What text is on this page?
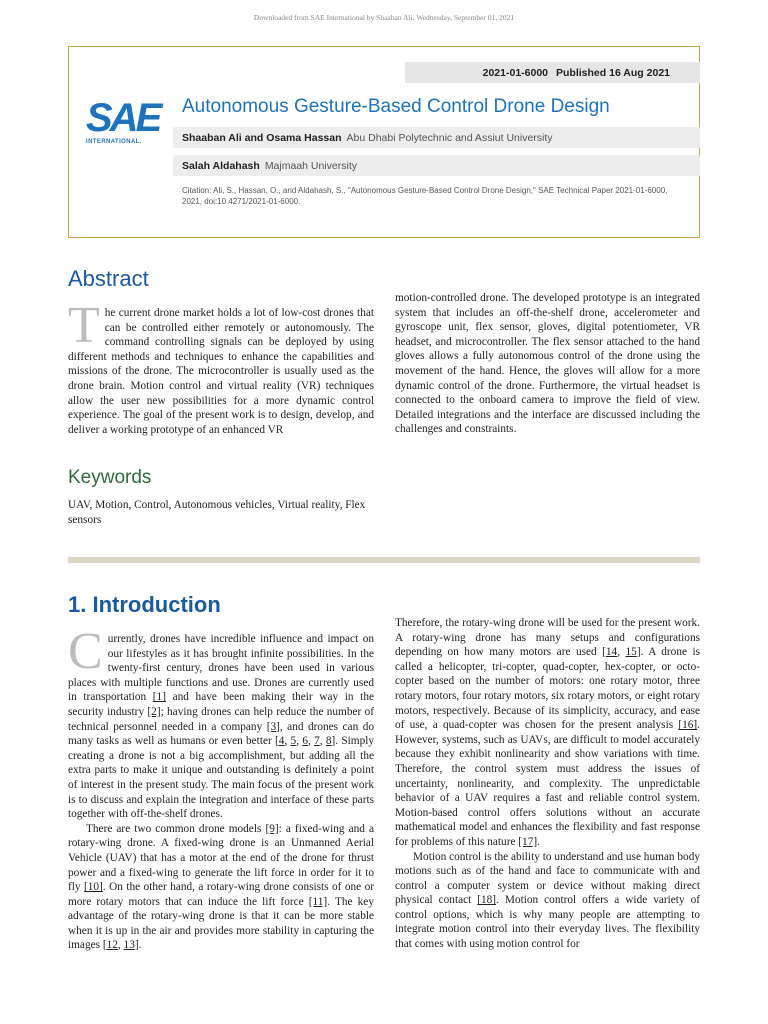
Downloaded from SAE International by Shaaban Ali, Wednesday, September 01, 2021
2021-01-6000 Published 16 Aug 2021
SAE
INTERNATIONAL.
Autonomous Gesture-Based Control Drone Design
Shaaban Ali and Osama Hassan Abu Dhabi Polytechnic and Assiut University
Salah Aldahash Majmaah University
Citation: Ali, S., Hassan, O., and Aldahash, S., "Autonomous Gesture-Based Control Drone Design," SAE Technical Paper 2021-01-6000, 2021, doi:10.4271/2021-01-6000.
Abstract

The current drone market holds a lot of low-cost drones that can be controlled either remotely or autonomously. The command controlling signals can be deployed by using different methods and techniques to enhance the capabilities and missions of the drone. The microcontroller is usually used as the drone brain. Motion control and virtual reality (VR) techniques allow the user new possibilities for a more dynamic control experience. The goal of the present work is to design, develop, and deliver a working prototype of an enhanced VR

motion-controlled drone. The developed prototype is an integrated system that includes an off-the-shelf drone, accelerometer and gyroscope unit, flex sensor, gloves, digital potentiometer, VR headset, and microcontroller. The flex sensor attached to the hand gloves allows a fully autonomous control of the drone using the movement of the hand. Hence, the gloves will allow for a more dynamic control of the drone. Furthermore, the virtual headset is connected to the onboard camera to improve the field of view. Detailed integrations and the interface are discussed including the challenges and constraints.

Keywords
UAV, Motion, Control, Autonomous vehicles, Virtual reality, Flex sensors
1. Introduction

Currently, drones have incredible influence and impact on our lifestyles as it has brought infinite possibilities. In the twenty-first century, drones have been used in various places with multiple functions and use. Drones are currently used in transportation [1] and have been making their way in the security industry [2]; having drones can help reduce the number of technical personnel needed in a company [3], and drones can do many tasks as well as humans or even better [4, 5, 6, 7, 8]. Simply creating a drone is not a big accomplishment, but adding all the extra parts to make it unique and outstanding is definitely a point of interest in the present study. The main focus of the present work is to discuss and explain the integration and interface of these parts together with off-the-shelf drones.

There are two common drone models [9]: a fixed-wing and a rotary-wing drone. A fixed-wing drone is an Unmanned Aerial Vehicle (UAV) that has a motor at the end of the drone for thrust power and a fixed-wing to generate the lift force in order for it to fly [10]. On the other hand, a rotary-wing drone consists of one or more rotary motors that can induce the lift force [11]. The key advantage of the rotary-wing drone is that it can be more stable when it is up in the air and provides more stability in capturing the images [12, 13].

Therefore, the rotary-wing drone will be used for the present work. A rotary-wing drone has many setups and configurations depending on how many motors are used [14, 15]. A drone is called a helicopter, tri-copter, quad-copter, hex-copter, or octo-copter based on the number of motors: one rotary motor, three rotary motors, four rotary motors, six rotary motors, or eight rotary motors, respectively. Because of its simplicity, accuracy, and ease of use, a quad-copter was chosen for the present analysis [16]. However, systems, such as UAVs, are difficult to model accurately because they exhibit nonlinearity and show variations with time. Therefore, the control system must address the issues of uncertainty, nonlinearity, and complexity. The unpredictable behavior of a UAV requires a fast and reliable control system. Motion-based control offers solutions without an accurate mathematical model and enhances the flexibility and fast response for problems of this nature [17].

Motion control is the ability to understand and use human body motions such as of the hand and face to communicate with and control a computer system or device without making direct physical contact [18]. Motion control offers a wide variety of control options, which is why many people are attempting to integrate motion control into their everyday lives. The flexibility that comes with using motion control for
